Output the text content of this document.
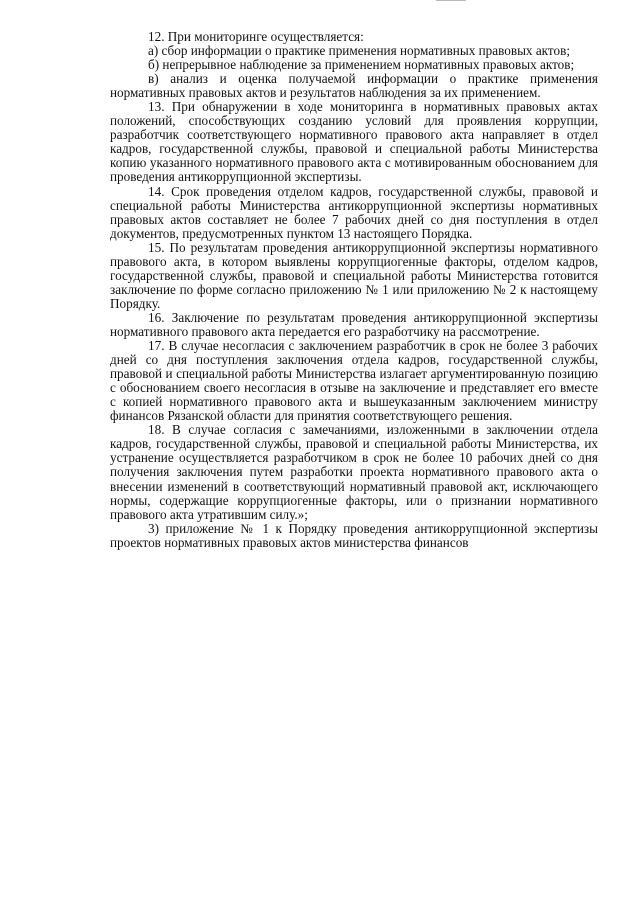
12. При мониторинге осуществляется:

а) сбор информации о практике применения нормативных правовых актов;

б) непрерывное наблюдение за применением нормативных правовых актов;

в) анализ и оценка получаемой информации о практике применения нормативных правовых актов и результатов наблюдения за их применением.

13. При обнаружении в ходе мониторинга в нормативных правовых актах положений, способствующих созданию условий для проявления коррупции, разработчик соответствующего нормативного правового акта направляет в отдел кадров, государственной службы, правовой и специальной работы Министерства копию указанного нормативного правового акта с мотивированным обоснованием для проведения антикоррупционной экспертизы.

14. Срок проведения отделом кадров, государственной службы, правовой и специальной работы Министерства антикоррупционной экспертизы нормативных правовых актов составляет не более 7 рабочих дней со дня поступления в отдел документов, предусмотренных пунктом 13 настоящего Порядка.

15. По результатам проведения антикоррупционной экспертизы нормативного правового акта, в котором выявлены коррупциогенные факторы, отделом кадров, государственной службы, правовой и специальной работы Министерства готовится заключение по форме согласно приложению № 1 или приложению № 2 к настоящему Порядку.

16. Заключение по результатам проведения антикоррупционной экспертизы нормативного правового акта передается его разработчику на рассмотрение.

17. В случае несогласия с заключением разработчик в срок не более 3 рабочих дней со дня поступления заключения отдела кадров, государственной службы, правовой и специальной работы Министерства излагает аргументированную позицию с обоснованием своего несогласия в отзыве на заключение и представляет его вместе с копией нормативного правового акта и вышеуказанным заключением министру финансов Рязанской области для принятия соответствующего решения.

18. В случае согласия с замечаниями, изложенными в заключении отдела кадров, государственной службы, правовой и специальной работы Министерства, их устранение осуществляется разработчиком в срок не более 10 рабочих дней со дня получения заключения путем разработки проекта нормативного правового акта о внесении изменений в соответствующий нормативный правовой акт, исключающего нормы, содержащие коррупциогенные факторы, или о признании нормативного правового акта утратившим силу.»;

3) приложение № 1 к Порядку проведения антикоррупционной экспертизы проектов нормативных правовых актов министерства финансов
